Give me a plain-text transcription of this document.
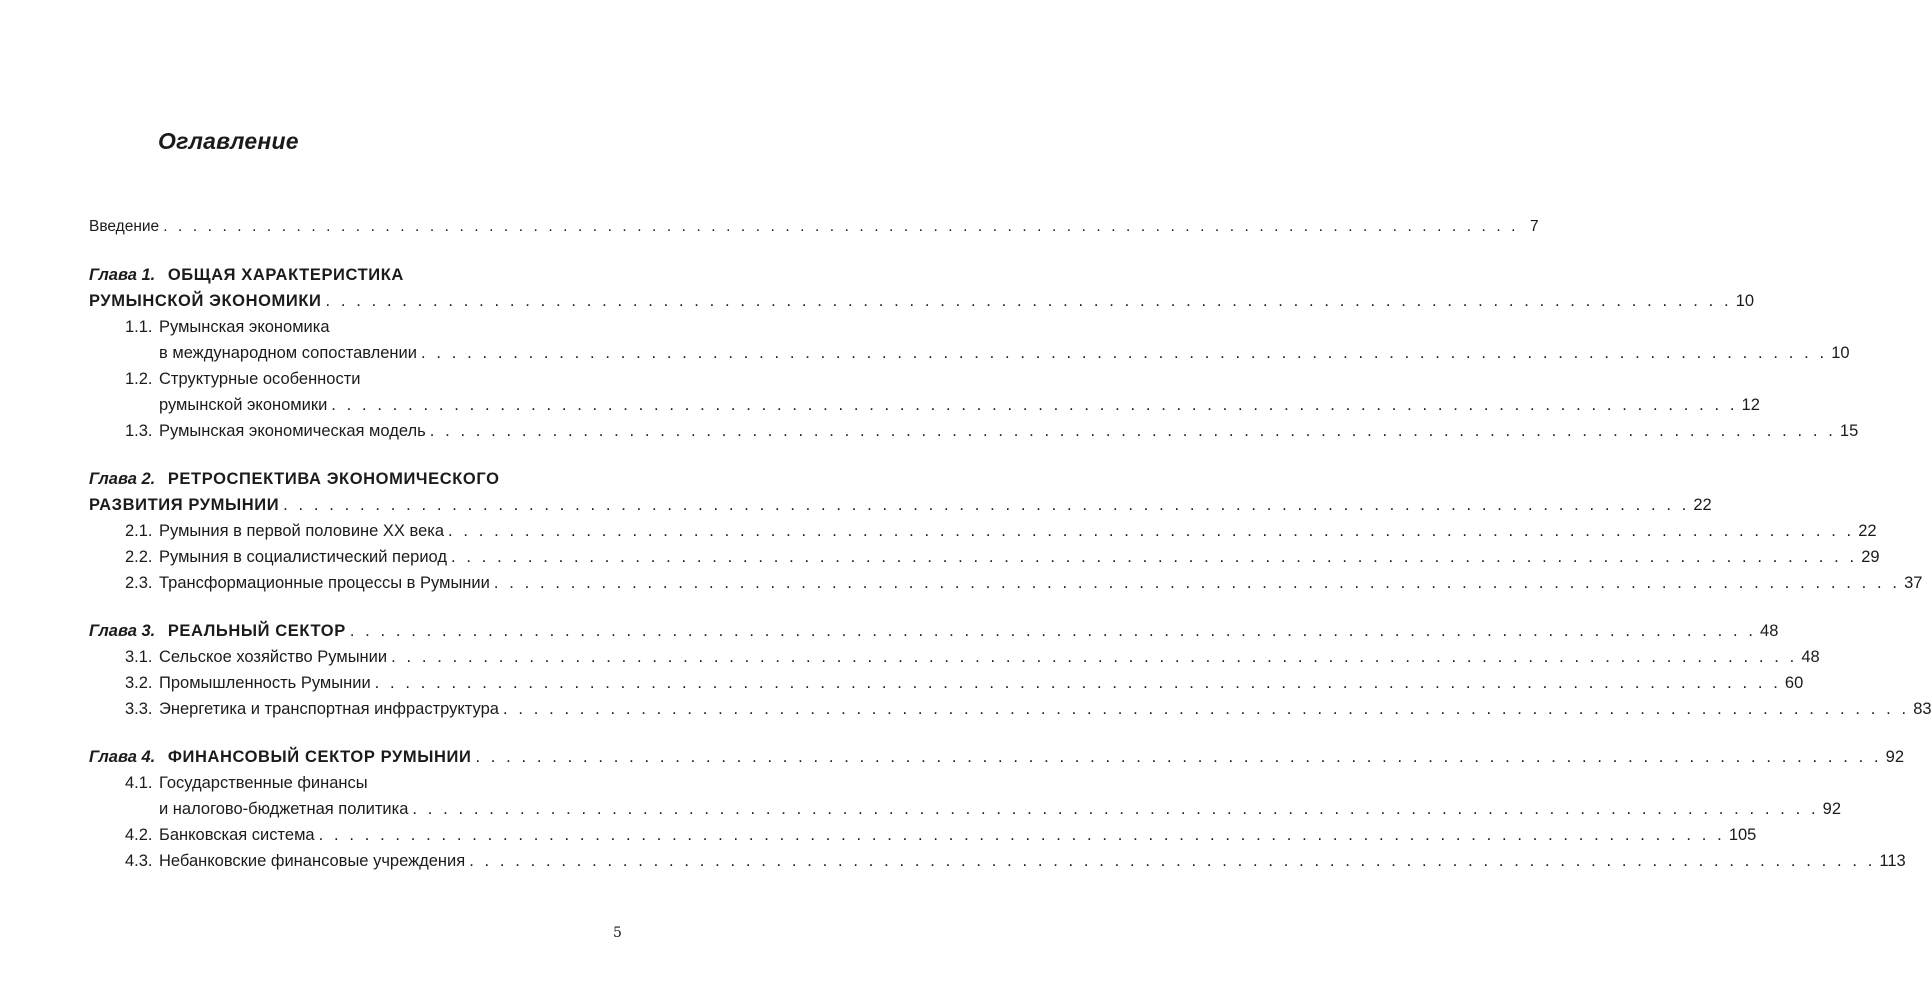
Оглавление
Введение . . . . . . . . . . . . . . . . . . . . . . . . . . . . . . . . . . . . . . . . . . . . . . . . . . . . . . . . . . . . . . . . . . . . . . . . . . . . . . . . . . . . . . . . . . . . 7
Глава 1. ОБЩАЯ ХАРАКТЕРИСТИКА
РУМЫНСКОЙ ЭКОНОМИКИ . . . . . . . . . . . . . . . . . . . . . . . . . . . . . . . . . . . . . . . . . . . . . . . . . . . . . . . . . . . . . . . . . . . . . . . . . . . . . . . . . . . . . . . . . . . . 10
1.1. Румынская экономика
в международном сопоставлении . . . . . . . . . . . . . . . . . . . . . . . . . . . . . . . . . . . . . . . . . . . . . . . . . . . . . . . . . . . . . . . . . . . . . . . . . . . . . . . . . . . . . . . . . . . . 10
1.2. Структурные особенности
румынской экономики . . . . . . . . . . . . . . . . . . . . . . . . . . . . . . . . . . . . . . . . . . . . . . . . . . . . . . . . . . . . . . . . . . . . . . . . . . . . . . . . . . . . . . . . . . . . 12
1.3. Румынская экономическая модель . . . . . . . . . . . . . . . . . . . . . . . . . . . . . . . . . . . . . . . . . . . . . . . . . . . . . . . . . . . . . . . . . . . . . . . . . . . . . . . . . . . . . . . . . . . . 15
Глава 2. РЕТРОСПЕКТИВА ЭКОНОМИЧЕСКОГО
РАЗВИТИЯ РУМЫНИИ . . . . . . . . . . . . . . . . . . . . . . . . . . . . . . . . . . . . . . . . . . . . . . . . . . . . . . . . . . . . . . . . . . . . . . . . . . . . . . . . . . . . . . . . . . . . 22
2.1. Румыния в первой половине XX века . . . . . . . . . . . . . . . . . . . . . . . . . . . . . . . . . . . . . . . . . . . . . . . . . . . . . . . . . . . . . . . . . . . . . . . . . . . . . . . . . . . . . . . . . . . . 22
2.2. Румыния в социалистический период . . . . . . . . . . . . . . . . . . . . . . . . . . . . . . . . . . . . . . . . . . . . . . . . . . . . . . . . . . . . . . . . . . . . . . . . . . . . . . . . . . . . . . . . . . . . 29
2.3. Трансформационные процессы в Румынии . . . . . . . . . . . . . . . . . . . . . . . . . . . . . . . . . . . . . . . . . . . . . . . . . . . . . . . . . . . . . . . . . . . . . . . . . . . . . . . . . . . . . . . . . . . . 37
Глава 3. РЕАЛЬНЫЙ СЕКТОР . . . . . . . . . . . . . . . . . . . . . . . . . . . . . . . . . . . . . . . . . . . . . . . . . . . . . . . . . . . . . . . . . . . . . . . . . . . . . . . . . . . . . . . . . . . . 48
3.1. Сельское хозяйство Румынии . . . . . . . . . . . . . . . . . . . . . . . . . . . . . . . . . . . . . . . . . . . . . . . . . . . . . . . . . . . . . . . . . . . . . . . . . . . . . . . . . . . . . . . . . . . . 48
3.2. Промышленность Румынии . . . . . . . . . . . . . . . . . . . . . . . . . . . . . . . . . . . . . . . . . . . . . . . . . . . . . . . . . . . . . . . . . . . . . . . . . . . . . . . . . . . . . . . . . . . . 60
3.3. Энергетика и транспортная инфраструктура . . . . . . . . . . . . . . . . . . . . . . . . . . . . . . . . . . . . . . . . . . . . . . . . . . . . . . . . . . . . . . . . . . . . . . . . . . . . . . . . . . . . . . . . . . . . 83
Глава 4. ФИНАНСОВЫЙ СЕКТОР РУМЫНИИ . . . . . . . . . . . . . . . . . . . . . . . . . . . . . . . . . . . . . . . . . . . . . . . . . . . . . . . . . . . . . . . . . . . . . . . . . . . . . . . . . . . . . . . . . . . . 92
4.1. Государственные финансы
и налогово-бюджетная политика . . . . . . . . . . . . . . . . . . . . . . . . . . . . . . . . . . . . . . . . . . . . . . . . . . . . . . . . . . . . . . . . . . . . . . . . . . . . . . . . . . . . . . . . . . . . 92
4.2. Банковская система . . . . . . . . . . . . . . . . . . . . . . . . . . . . . . . . . . . . . . . . . . . . . . . . . . . . . . . . . . . . . . . . . . . . . . . . . . . . . . . . . . . . . . . . . . . . 105
4.3. Небанковские финансовые учреждения . . . . . . . . . . . . . . . . . . . . . . . . . . . . . . . . . . . . . . . . . . . . . . . . . . . . . . . . . . . . . . . . . . . . . . . . . . . . . . . . . . . . . . . . . . . . 113
5
